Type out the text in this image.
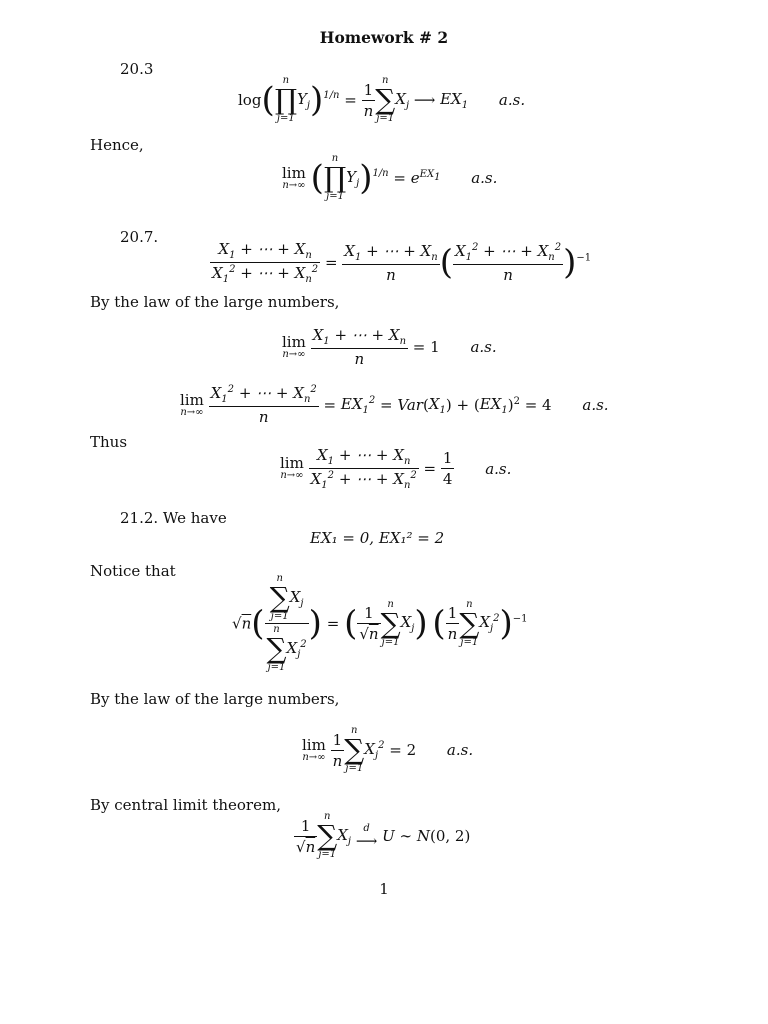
Homework # 2
20.3
log( n
∏
j=1
$Y_j)^{1/n} = \frac{1}{n}$ n
∑
j=1
$X_j$ ⟶ $EX_1$ a.s.
Hence,
lim
n→∞ ( n
∏
j=1
$Y_j)^{1/n} = e^{EX_1}$ a.s.
20.7.
$\frac{X_1 + \cdots + X_n}{X_1^2 + \cdots + X_n^2} = \frac{X_1 + \cdots + X_n}{n}$ ( $\frac{X_1^2 + \cdots + X_n^2}{n} )^{-1}$
By the law of the large numbers,
lim
n→∞
$\frac{X_1 + \cdots + X_n}{n} = 1$ a.s.
lim
n→∞
$\frac{X_1^2 + \cdots + X_n^2}{n} = EX_1^2 = Var(X_1) + (EX_1)^2 = 4$ a.s.
Thus
lim
n→∞
$\frac{X_1 + \cdots + X_n}{X_1^2 + \cdots + X_n^2} = \frac{1}{4} a.s$.
21.2. We have
EX₁ = 0, EX₁² = 2
Notice that
√n( n
∑
j=1
$X_j$
n
∑
j=1
$X_j^2$ ) = ( $\frac{1}{√n}$ n
∑
j=1
$X_j$) ( $\frac{1}{n}$ n
∑
j=1
$X_j^2)^{-1}$
By the law of the large numbers,
lim
n→∞
$\frac{1}{n}$ n
∑
j=1
$X_j^2 = 2$ a.s.
By central limit theorem,
$\frac{1}{√n}$ n
∑
j=1
$X_j$
d
⟶ U ∼ N(0, 2)
1
